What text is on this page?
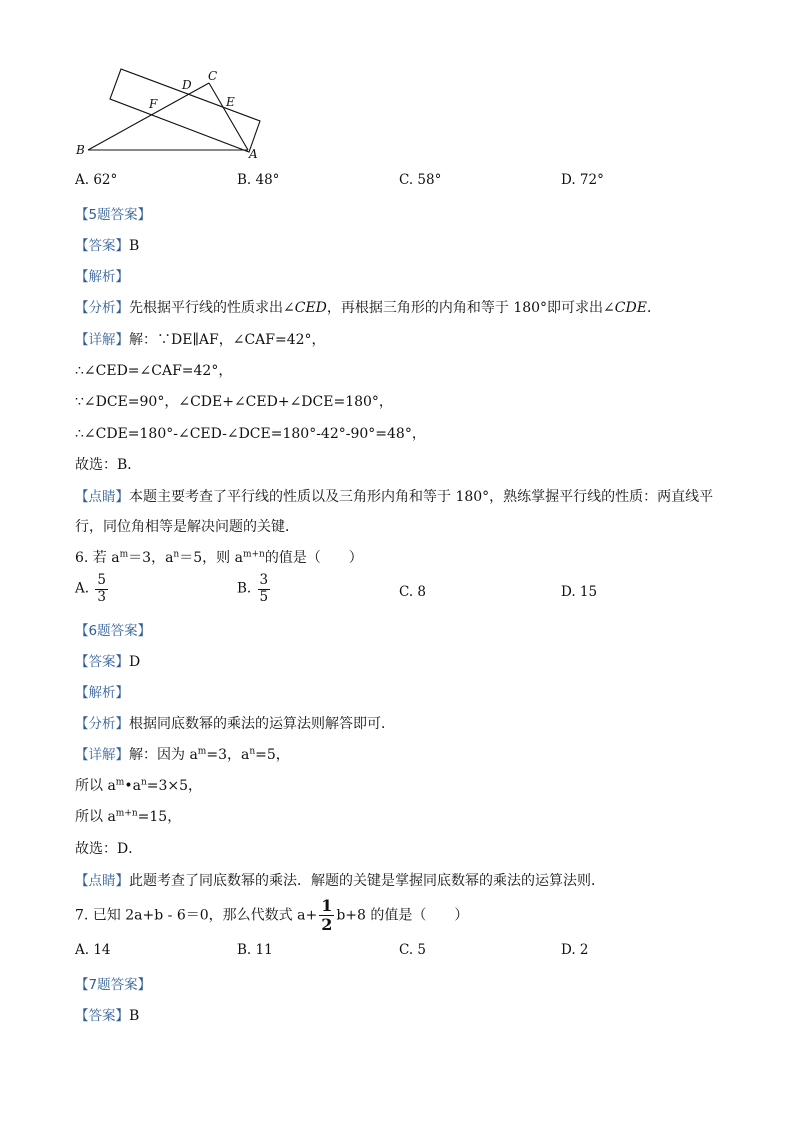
B	A
C
D
E
F
A. 62°	B. 48°	C. 58°	D. 72°
【5题答案】
【答案】B
【解析】
【分析】先根据平行线的性质求出∠CED，再根据三角形的内角和等于 180°即可求出∠CDE．
【详解】解：∵DE∥AF，∠CAF=42°，
∴∠CED=∠CAF=42°，
∵∠DCE=90°，∠CDE+∠CED+∠DCE=180°，
∴∠CDE=180°-∠CED-∠DCE=180°-42°-90°=48°，
故选：B．
【点睛】本题主要考查了平行线的性质以及三角形内角和等于 180°，熟练掌握平行线的性质：两直线平
行，同位角相等是解决问题的关键．
6. 若 $a^m=3$，$a^n=5$，则 $a^{m+n}$的值是（　　）
A. $\frac{5}{3}$	B. $\frac{3}{5}$	C. 8	D. 15
【6题答案】
【答案】D
【解析】
【分析】根据同底数幂的乘法的运算法则解答即可．
【详解】解：因为 $a^m=3$，$a^n=5$，
所以 $a^m•a^n=3\times 5$，
所以 $a^{m+n}=15$，
故选：D．
【点睛】此题考查了同底数幂的乘法．解题的关键是掌握同底数幂的乘法的运算法则．
7. 已知 2a+b - 6＝0，那么代数式 $a+ \frac{1}{2} b+8$ 的值是（　　）
A. 14	B. 11	C. 5	D. 2
【7题答案】
【答案】B
